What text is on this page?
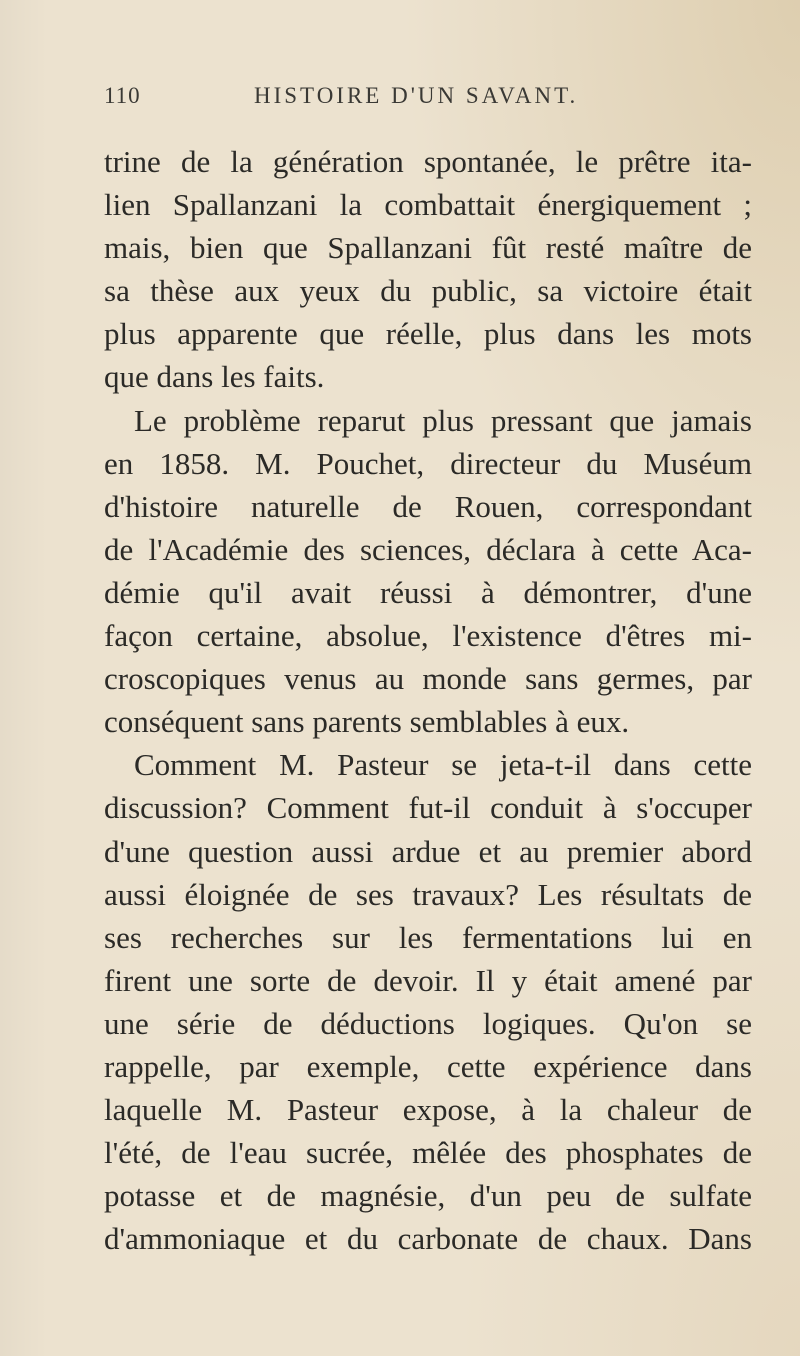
110	HISTOIRE D'UN SAVANT.
trine de la génération spontanée, le prêtre ita-
lien Spallanzani la combattait énergiquement ;
mais, bien que Spallanzani fût resté maître de
sa thèse aux yeux du public, sa victoire était
plus apparente que réelle, plus dans les mots
que dans les faits.
Le problème reparut plus pressant que jamais
en 1858. M. Pouchet, directeur du Muséum
d'histoire naturelle de Rouen, correspondant
de l'Académie des sciences, déclara à cette Aca-
démie qu'il avait réussi à démontrer, d'une
façon certaine, absolue, l'existence d'êtres mi-
croscopiques venus au monde sans germes, par
conséquent sans parents semblables à eux.
Comment M. Pasteur se jeta-t-il dans cette
discussion? Comment fut-il conduit à s'occuper
d'une question aussi ardue et au premier abord
aussi éloignée de ses travaux? Les résultats de
ses recherches sur les fermentations lui en
firent une sorte de devoir. Il y était amené par
une série de déductions logiques. Qu'on se
rappelle, par exemple, cette expérience dans
laquelle M. Pasteur expose, à la chaleur de
l'été, de l'eau sucrée, mêlée des phosphates de
potasse et de magnésie, d'un peu de sulfate
d'ammoniaque et du carbonate de chaux. Dans
